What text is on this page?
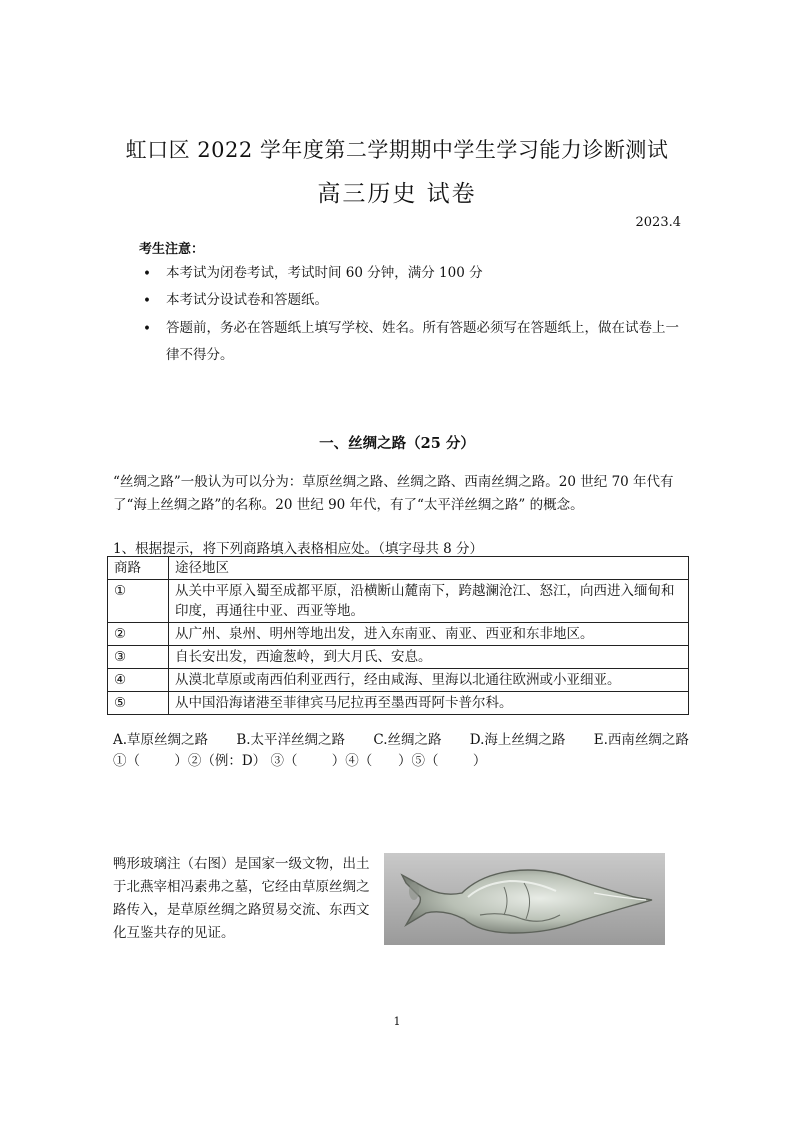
虹口区 2022 学年度第二学期期中学生学习能力诊断测试
高三历史 试卷
2023.4
考生注意：
• 本考试为闭卷考试，考试时间 60 分钟，满分 100 分
• 本考试分设试卷和答题纸。
• 答题前，务必在答题纸上填写学校、姓名。所有答题必须写在答题纸上，做在试卷上一律不得分。
一、丝绸之路（25 分）
“丝绸之路”一般认为可以分为：草原丝绸之路、丝绸之路、西南丝绸之路。20 世纪 70 年代有了“海上丝绸之路”的名称。20 世纪 90 年代，有了“太平洋丝绸之路” 的概念。
1、根据提示，将下列商路填入表格相应处。（填字母共 8 分）
商路	途径地区
①	从关中平原入蜀至成都平原，沿横断山麓南下，跨越澜沧江、怒江，向西进入缅甸和印度，再通往中亚、西亚等地。
②	从广州、泉州、明州等地出发，进入东南亚、南亚、西亚和东非地区。
③	自长安出发，西逾葱岭，到大月氏、安息。
④	从漠北草原或南西伯利亚西行，经由咸海、里海以北通往欧洲或小亚细亚。
⑤	从中国沿海诸港至菲律宾马尼拉再至墨西哥阿卡普尔科。
A.草原丝绸之路 B.太平洋丝绸之路 C.丝绸之路 D.海上丝绸之路 E.西南丝绸之路
①（        ）②（例：D） ③（        ）④（      ）⑤（        ）
鸭形玻璃注（右图）是国家一级文物，出土于北燕宰相冯素弗之墓，它经由草原丝绸之路传入，是草原丝绸之路贸易交流、东西文化互鉴共存的见证。
1
